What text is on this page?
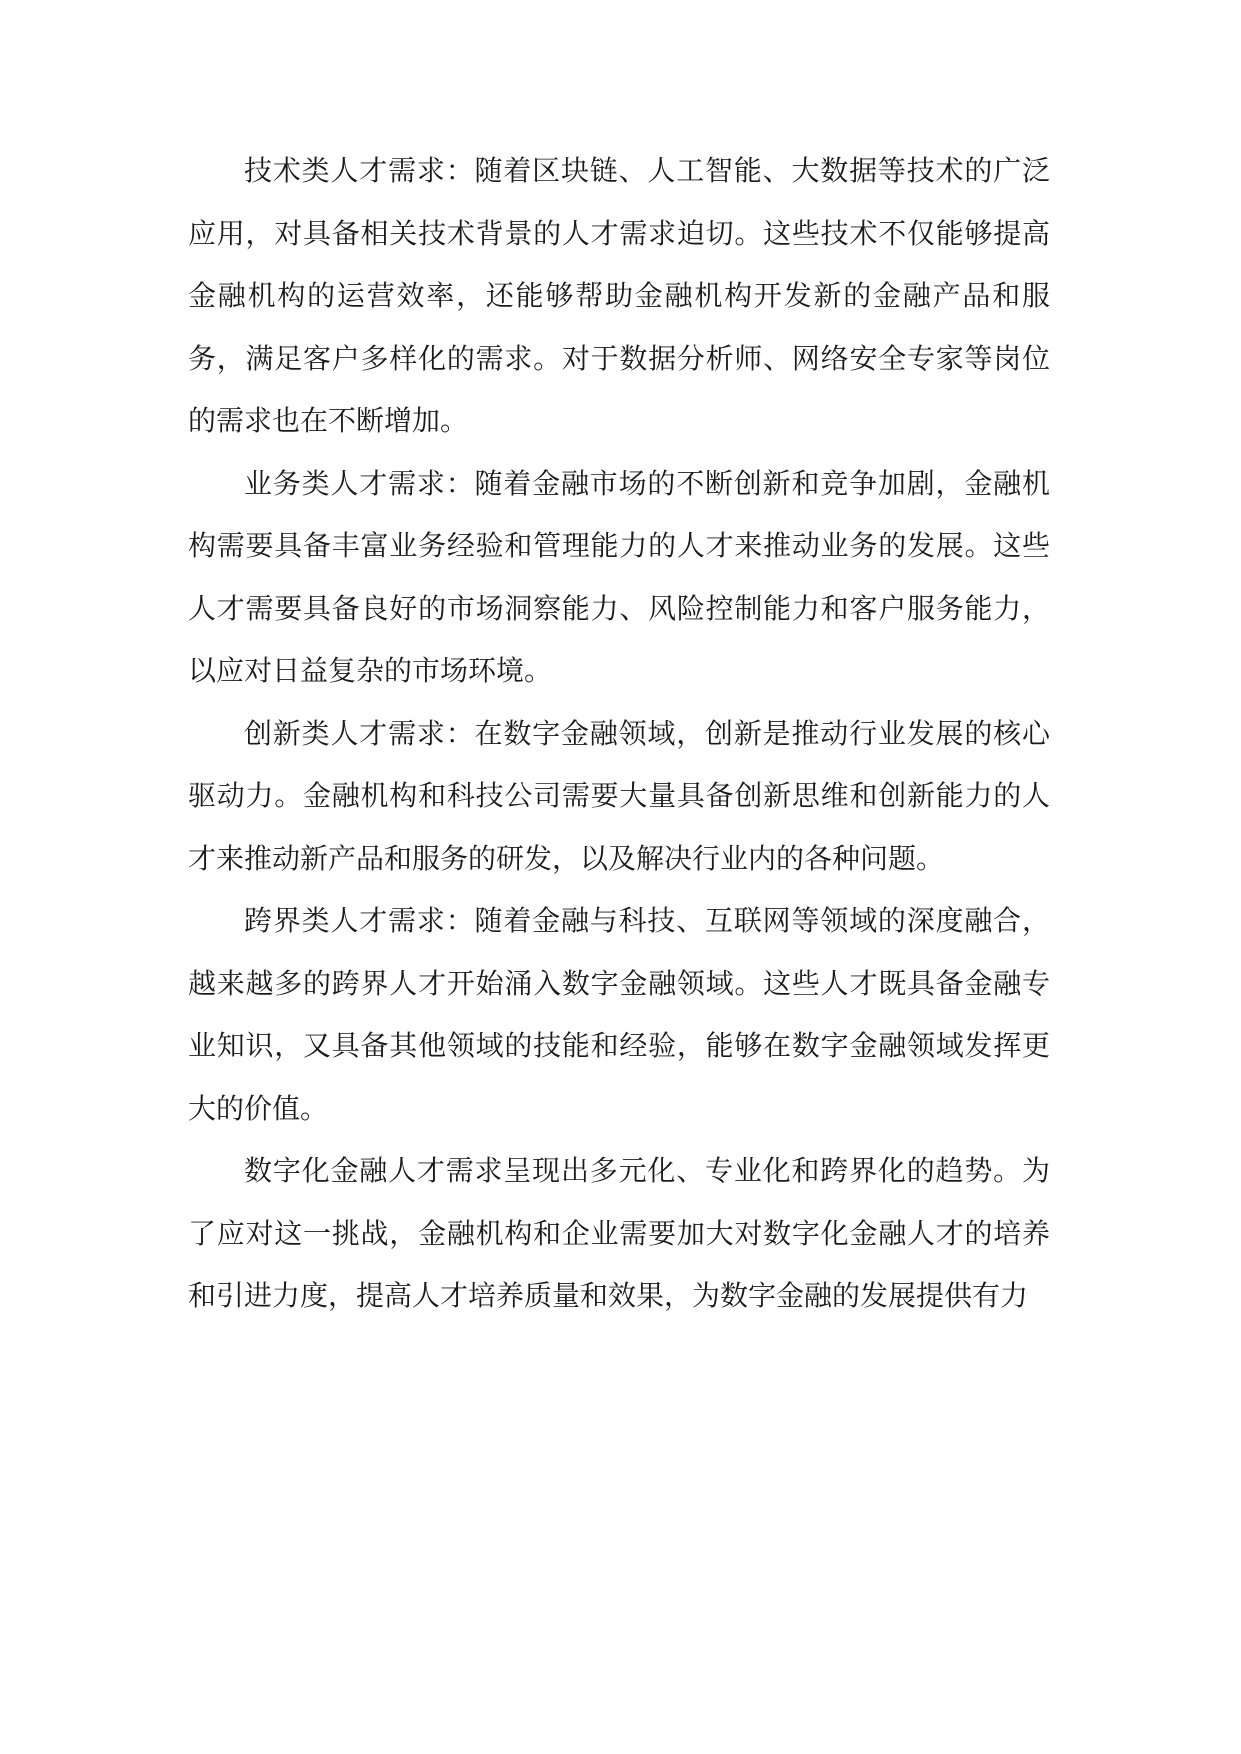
技术类人才需求：随着区块链、人工智能、大数据等技术的广泛应用，对具备相关技术背景的人才需求迫切。这些技术不仅能够提高金融机构的运营效率，还能够帮助金融机构开发新的金融产品和服务，满足客户多样化的需求。对于数据分析师、网络安全专家等岗位的需求也在不断增加。

业务类人才需求：随着金融市场的不断创新和竞争加剧，金融机构需要具备丰富业务经验和管理能力的人才来推动业务的发展。这些人才需要具备良好的市场洞察能力、风险控制能力和客户服务能力，以应对日益复杂的市场环境。

创新类人才需求：在数字金融领域，创新是推动行业发展的核心驱动力。金融机构和科技公司需要大量具备创新思维和创新能力的人才来推动新产品和服务的研发，以及解决行业内的各种问题。

跨界类人才需求：随着金融与科技、互联网等领域的深度融合，越来越多的跨界人才开始涌入数字金融领域。这些人才既具备金融专业知识，又具备其他领域的技能和经验，能够在数字金融领域发挥更大的价值。

数字化金融人才需求呈现出多元化、专业化和跨界化的趋势。为了应对这一挑战，金融机构和企业需要加大对数字化金融人才的培养和引进力度，提高人才培养质量和效果，为数字金融的发展提供有力
